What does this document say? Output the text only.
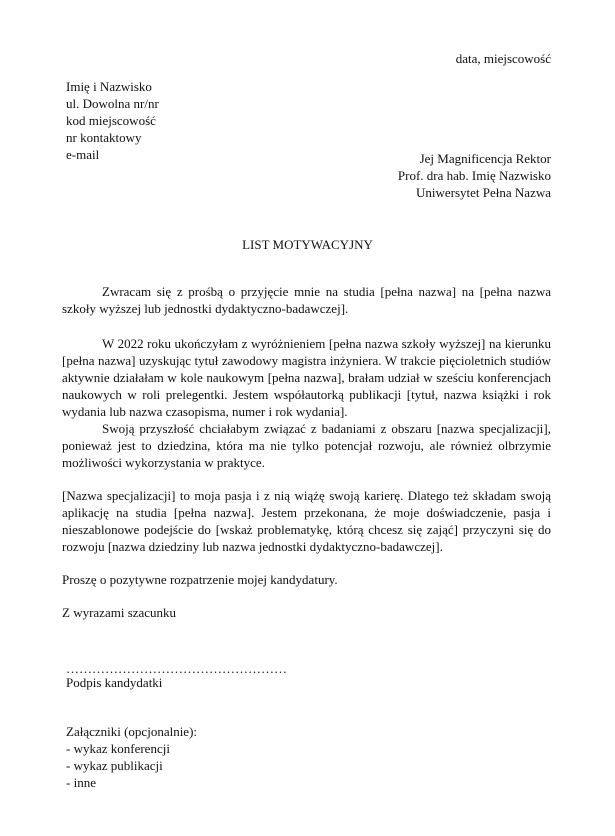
data, miejscowość
Imię i Nazwisko
ul. Dowolna nr/nr
kod miejscowość
nr kontaktowy
e-mail	Jej Magnificencja Rektor
Prof. dra hab. Imię Nazwisko
Uniwersytet Pełna Nazwa
LIST MOTYWACYJNY
Zwracam się z prośbą o przyjęcie mnie na studia [pełna nazwa] na [pełna nazwa szkoły wyższej lub jednostki dydaktyczno-badawczej].
W 2022 roku ukończyłam z wyróżnieniem [pełna nazwa szkoły wyższej] na kierunku [pełna nazwa] uzyskując tytuł zawodowy magistra inżyniera. W trakcie pięcioletnich studiów aktywnie działałam w kole naukowym [pełna nazwa], brałam udział w sześciu konferencjach naukowych w roli prelegentki. Jestem współautorką publikacji [tytuł, nazwa książki i rok wydania lub nazwa czasopisma, numer i rok wydania].
Swoją przyszłość chciałabym związać z badaniami z obszaru [nazwa specjalizacji], ponieważ jest to dziedzina, która ma nie tylko potencjał rozwoju, ale również olbrzymie możliwości wykorzystania w praktyce.
[Nazwa specjalizacji] to moja pasja i z nią wiążę swoją karierę. Dlatego też składam swoją aplikację na studia [pełna nazwa]. Jestem przekonana, że moje doświadczenie, pasja i nieszablonowe podejście do [wskaż problematykę, którą chcesz się zająć] przyczyni się do rozwoju [nazwa dziedziny lub nazwa jednostki dydaktyczno-badawczej].
Proszę o pozytywne rozpatrzenie mojej kandydatury.
Z wyrazami szacunku
……………………………………………
Podpis kandydatki
Załączniki (opcjonalnie):
- wykaz konferencji
- wykaz publikacji
- inne
